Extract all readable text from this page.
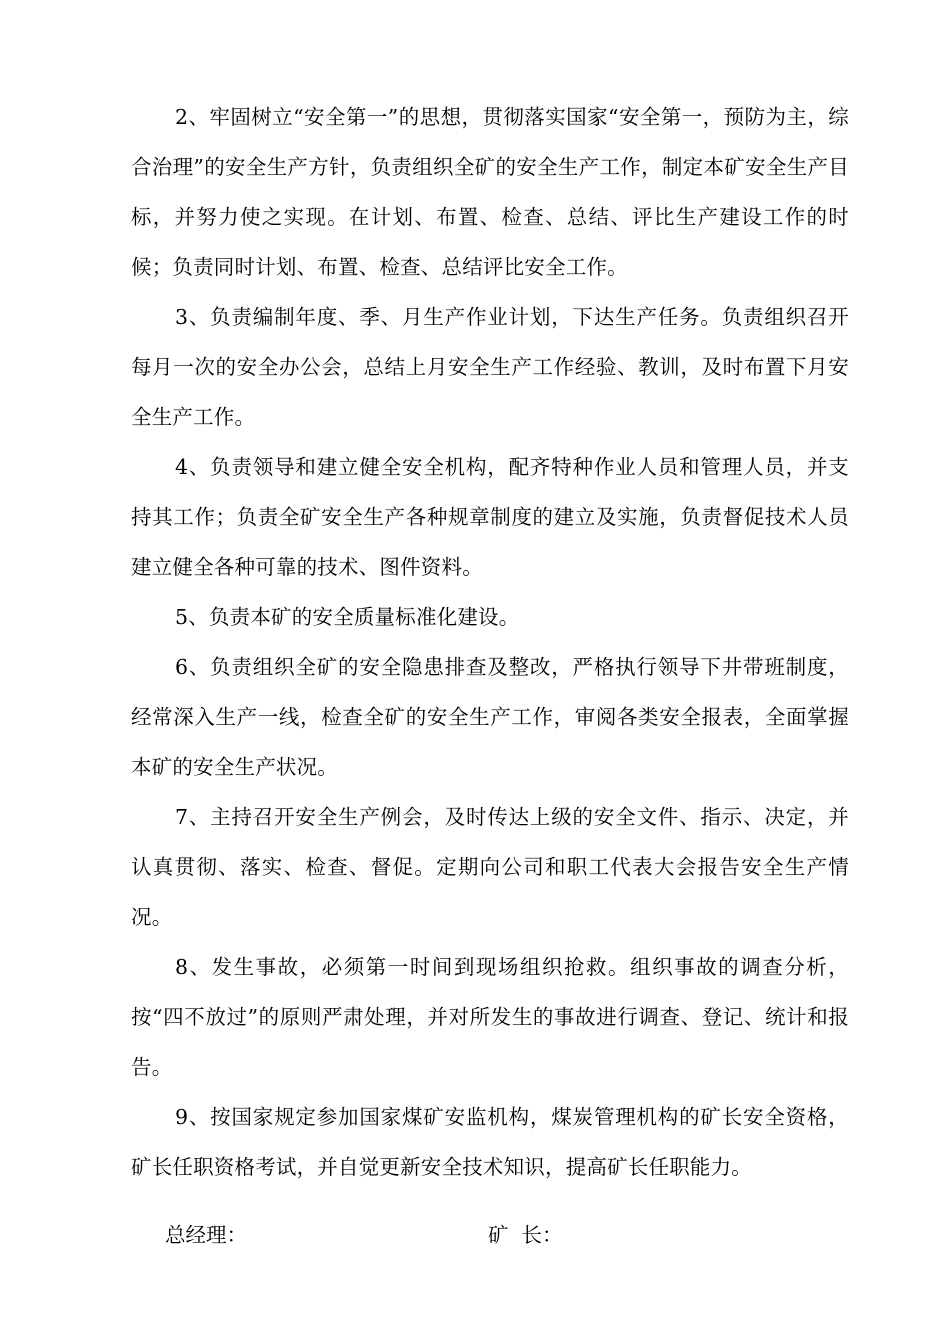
2、牢固树立“安全第一”的思想，贯彻落实国家“安全第一，预防为主，综合治理”的安全生产方针，负责组织全矿的安全生产工作，制定本矿安全生产目标，并努力使之实现。在计划、布置、检查、总结、评比生产建设工作的时候；负责同时计划、布置、检查、总结评比安全工作。

3、负责编制年度、季、月生产作业计划，下达生产任务。负责组织召开每月一次的安全办公会，总结上月安全生产工作经验、教训，及时布置下月安全生产工作。

4、负责领导和建立健全安全机构，配齐特种作业人员和管理人员，并支持其工作；负责全矿安全生产各种规章制度的建立及实施，负责督促技术人员建立健全各种可靠的技术、图件资料。

5、负责本矿的安全质量标准化建设。

6、负责组织全矿的安全隐患排查及整改，严格执行领导下井带班制度，经常深入生产一线，检查全矿的安全生产工作，审阅各类安全报表，全面掌握本矿的安全生产状况。

7、主持召开安全生产例会，及时传达上级的安全文件、指示、决定，并认真贯彻、落实、检查、督促。定期向公司和职工代表大会报告安全生产情况。

8、发生事故，必须第一时间到现场组织抢救。组织事故的调查分析，按“四不放过”的原则严肃处理，并对所发生的事故进行调查、登记、统计和报告。

9、按国家规定参加国家煤矿安监机构，煤炭管理机构的矿长安全资格，矿长任职资格考试，并自觉更新安全技术知识，提高矿长任职能力。

总经理：	矿  长：
